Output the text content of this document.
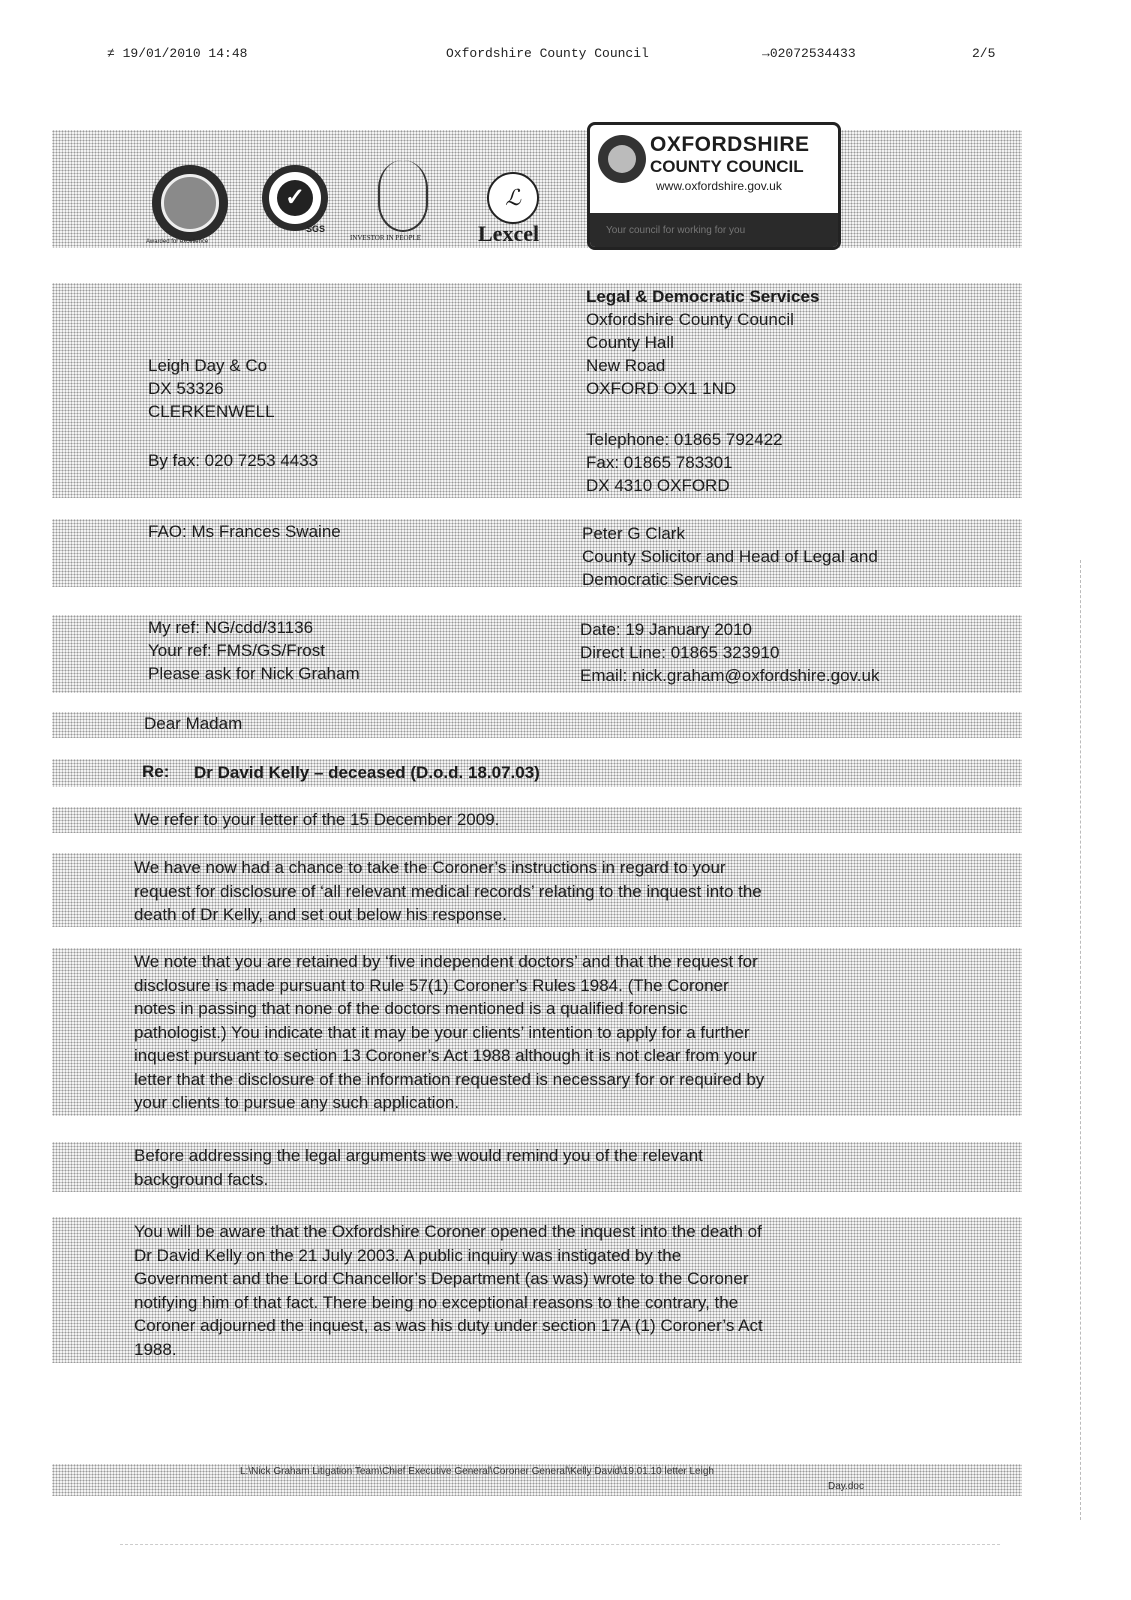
≠ 19/01/2010 14:48	Oxfordshire County Council	→02072534433	2/5
Awarded for excellence
✓
SGS
INVESTOR IN PEOPLE
ℒ
Lexcel
OXFORDSHIRE
COUNTY COUNCIL
www.oxfordshire.gov.uk
Your council for working for you
Legal & Democratic Services
Oxfordshire County Council
County Hall
New Road
OXFORD OX1 1ND
Leigh Day & Co
DX 53326
CLERKENWELL
Telephone: 01865 792422
By fax: 020 7253 4433	Fax: 01865 783301
DX 4310 OXFORD
FAO: Ms Frances Swaine	Peter G Clark
County Solicitor and Head of Legal and
Democratic Services
My ref: NG/cdd/31136
Your ref: FMS/GS/Frost
Please ask for Nick Graham
Date: 19 January 2010
Direct Line: 01865 323910
Email: nick.graham@oxfordshire.gov.uk
Dear Madam
Re: Dr David Kelly – deceased (D.o.d. 18.07.03)
We refer to your letter of the 15 December 2009.
We have now had a chance to take the Coroner’s instructions in regard to your
request for disclosure of ‘all relevant medical records’ relating to the inquest into the
death of Dr Kelly, and set out below his response.
We note that you are retained by ‘five independent doctors’ and that the request for
disclosure is made pursuant to Rule 57(1) Coroner’s Rules 1984. (The Coroner
notes in passing that none of the doctors mentioned is a qualified forensic
pathologist.) You indicate that it may be your clients’ intention to apply for a further
inquest pursuant to section 13 Coroner’s Act 1988 although it is not clear from your
letter that the disclosure of the information requested is necessary for or required by
your clients to pursue any such application.
Before addressing the legal arguments we would remind you of the relevant
background facts.
You will be aware that the Oxfordshire Coroner opened the inquest into the death of
Dr David Kelly on the 21 July 2003. A public inquiry was instigated by the
Government and the Lord Chancellor’s Department (as was) wrote to the Coroner
notifying him of that fact. There being no exceptional reasons to the contrary, the
Coroner adjourned the inquest, as was his duty under section 17A (1) Coroner’s Act
1988.
L:\Nick Graham Litigation Team\Chief Executive General\Coroner General\Kelly David\19.01.10 letter Leigh
Day.doc
